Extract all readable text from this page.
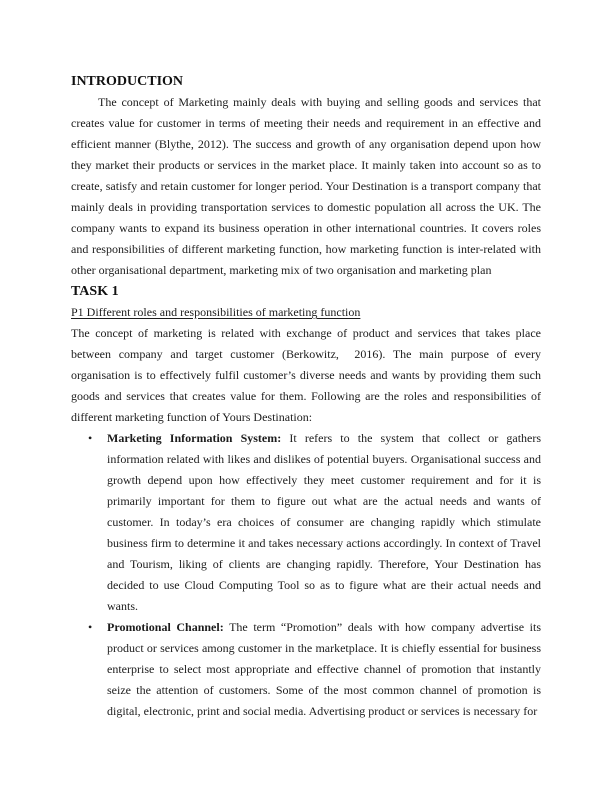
INTRODUCTION

The concept of Marketing mainly deals with buying and selling goods and services that creates value for customer in terms of meeting their needs and requirement in an effective and efficient manner (Blythe, 2012). The success and growth of any organisation depend upon how they market their products or services in the market place. It mainly taken into account so as to create, satisfy and retain customer for longer period. Your Destination is a transport company that mainly deals in providing transportation services to domestic population all across the UK. The company wants to expand its business operation in other international countries. It covers roles and responsibilities of different marketing function, how marketing function is inter-related with other organisational department, marketing mix of two organisation and marketing plan

TASK 1
P1 Different roles and responsibilities of marketing function

The concept of marketing is related with exchange of product and services that takes place between company and target customer (Berkowitz,  2016). The main purpose of every organisation is to effectively fulfil customer’s diverse needs and wants by providing them such goods and services that creates value for them. Following are the roles and responsibilities of different marketing function of Yours Destination:

• Marketing Information System: It refers to the system that collect or gathers information related with likes and dislikes of potential buyers. Organisational success and growth depend upon how effectively they meet customer requirement and for it is primarily important for them to figure out what are the actual needs and wants of customer. In today’s era choices of consumer are changing rapidly which stimulate business firm to determine it and takes necessary actions accordingly. In context of Travel and Tourism, liking of clients are changing rapidly. Therefore, Your Destination has decided to use Cloud Computing Tool so as to figure what are their actual needs and wants.
• Promotional Channel: The term “Promotion” deals with how company advertise its product or services among customer in the marketplace. It is chiefly essential for business enterprise to select most appropriate and effective channel of promotion that instantly seize the attention of customers. Some of the most common channel of promotion is digital, electronic, print and social media. Advertising product or services is necessary for
